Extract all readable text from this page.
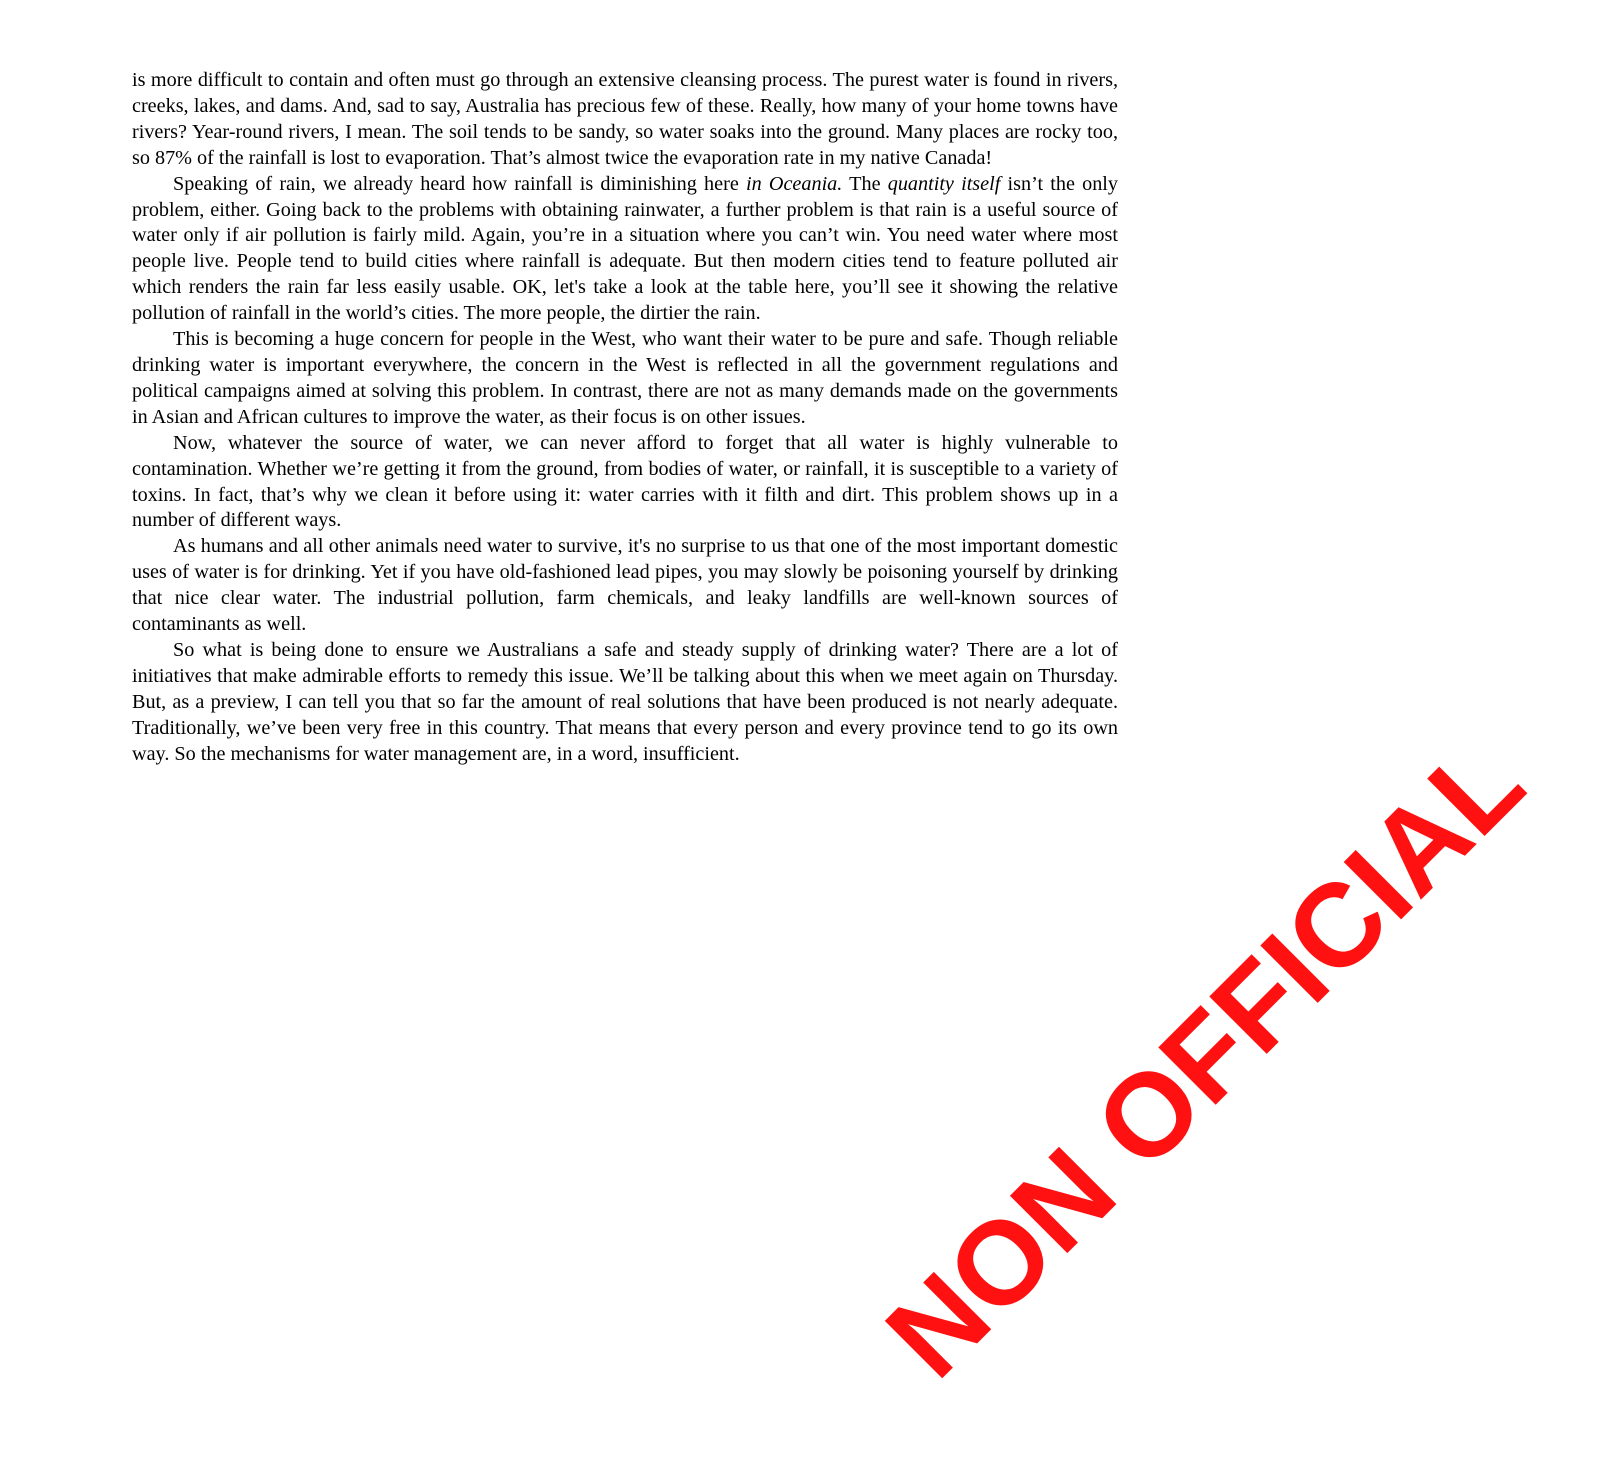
is more difficult to contain and often must go through an extensive cleansing process. The purest water is found in rivers, creeks, lakes, and dams. And, sad to say, Australia has precious few of these. Really, how many of your home towns have rivers? Year-round rivers, I mean. The soil tends to be sandy, so water soaks into the ground. Many places are rocky too, so 87% of the rainfall is lost to evaporation. That’s almost twice the evaporation rate in my native Canada!

Speaking of rain, we already heard how rainfall is diminishing here in Oceania. The quantity itself isn’t the only problem, either. Going back to the problems with obtaining rainwater, a further problem is that rain is a useful source of water only if air pollution is fairly mild. Again, you’re in a situation where you can’t win. You need water where most people live. People tend to build cities where rainfall is adequate. But then modern cities tend to feature polluted air which renders the rain far less easily usable. OK, let's take a look at the table here, you’ll see it showing the relative pollution of rainfall in the world’s cities. The more people, the dirtier the rain.

This is becoming a huge concern for people in the West, who want their water to be pure and safe. Though reliable drinking water is important everywhere, the concern in the West is reflected in all the government regulations and political campaigns aimed at solving this problem. In contrast, there are not as many demands made on the governments in Asian and African cultures to improve the water, as their focus is on other issues.

Now, whatever the source of water, we can never afford to forget that all water is highly vulnerable to contamination. Whether we’re getting it from the ground, from bodies of water, or rainfall, it is susceptible to a variety of toxins. In fact, that’s why we clean it before using it: water carries with it filth and dirt. This problem shows up in a number of different ways.

As humans and all other animals need water to survive, it's no surprise to us that one of the most important domestic uses of water is for drinking. Yet if you have old-fashioned lead pipes, you may slowly be poisoning yourself by drinking that nice clear water. The industrial pollution, farm chemicals, and leaky landfills are well-known sources of contaminants as well.

So what is being done to ensure we Australians a safe and steady supply of drinking water? There are a lot of initiatives that make admirable efforts to remedy this issue. We’ll be talking about this when we meet again on Thursday. But, as a preview, I can tell you that so far the amount of real solutions that have been produced is not nearly adequate. Traditionally, we’ve been very free in this country. That means that every person and every province tend to go its own way. So the mechanisms for water management are, in a word, insufficient.	NON OFFICIAL
